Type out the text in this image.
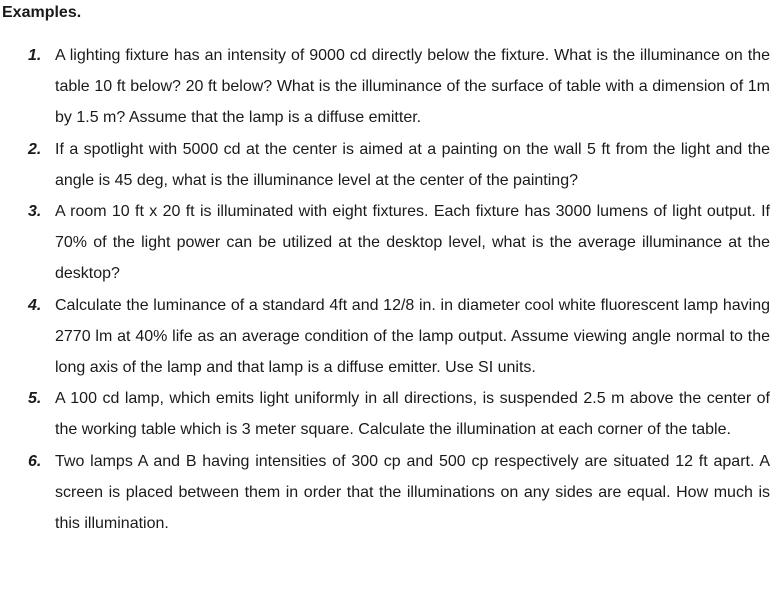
Examples.
1. A lighting fixture has an intensity of 9000 cd directly below the fixture. What is the illuminance on the table 10 ft below? 20 ft below? What is the illuminance of the surface of table with a dimension of 1m by 1.5 m? Assume that the lamp is a diffuse emitter.
2. If a spotlight with 5000 cd at the center is aimed at a painting on the wall 5 ft from the light and the angle is 45 deg, what is the illuminance level at the center of the painting?
3. A room 10 ft x 20 ft is illuminated with eight fixtures. Each fixture has 3000 lumens of light output. If 70% of the light power can be utilized at the desktop level, what is the average illuminance at the desktop?
4. Calculate the luminance of a standard 4ft and 12/8 in. in diameter cool white fluorescent lamp having 2770 lm at 40% life as an average condition of the lamp output. Assume viewing angle normal to the long axis of the lamp and that lamp is a diffuse emitter. Use SI units.
5. A 100 cd lamp, which emits light uniformly in all directions, is suspended 2.5 m above the center of the working table which is 3 meter square. Calculate the illumination at each corner of the table.
6. Two lamps A and B having intensities of 300 cp and 500 cp respectively are situated 12 ft apart. A screen is placed between them in order that the illuminations on any sides are equal. How much is this illumination.
